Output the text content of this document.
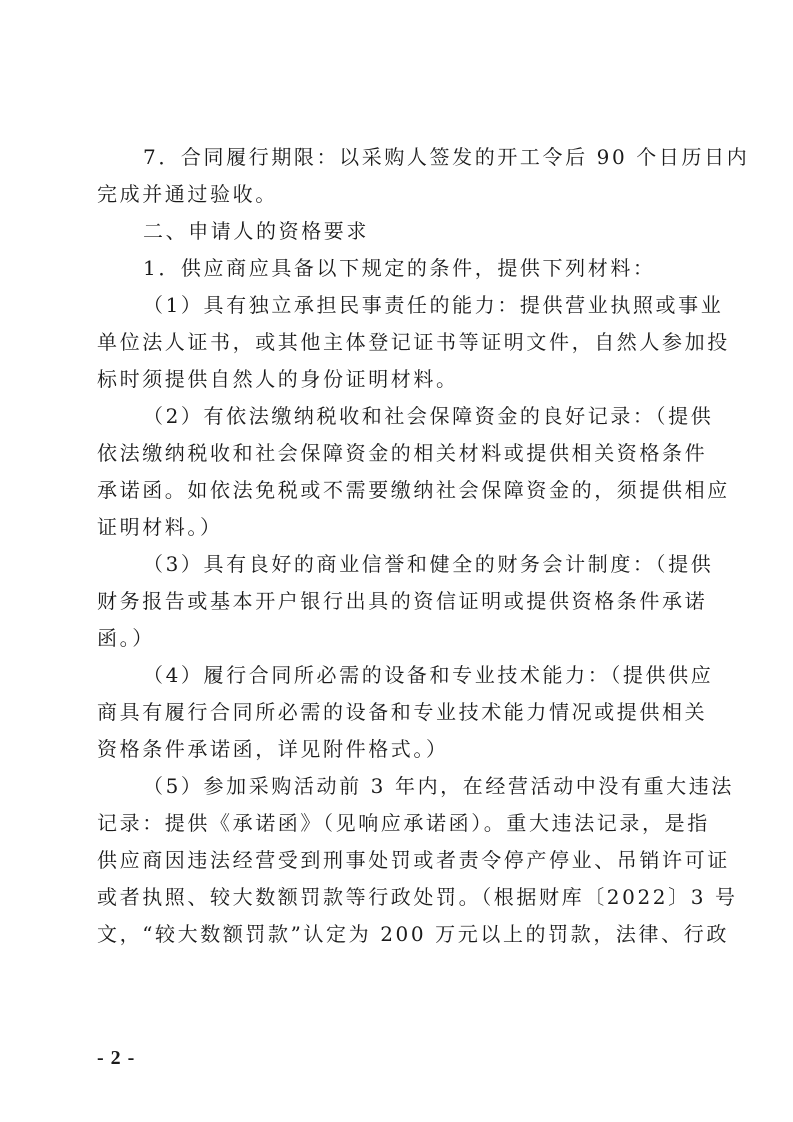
7．合同履行期限：以采购人签发的开工令后 90 个日历日内
完成并通过验收。
二、申请人的资格要求
1．供应商应具备以下规定的条件，提供下列材料：
（1）具有独立承担民事责任的能力：提供营业执照或事业
单位法人证书，或其他主体登记证书等证明文件，自然人参加投
标时须提供自然人的身份证明材料。
（2）有依法缴纳税收和社会保障资金的良好记录：（提供
依法缴纳税收和社会保障资金的相关材料或提供相关资格条件
承诺函。如依法免税或不需要缴纳社会保障资金的，须提供相应
证明材料。）
（3）具有良好的商业信誉和健全的财务会计制度：（提供
财务报告或基本开户银行出具的资信证明或提供资格条件承诺
函。）
（4）履行合同所必需的设备和专业技术能力：（提供供应
商具有履行合同所必需的设备和专业技术能力情况或提供相关
资格条件承诺函，详见附件格式。）
（5）参加采购活动前 3 年内，在经营活动中没有重大违法
记录：提供《承诺函》（见响应承诺函）。重大违法记录，是指
供应商因违法经营受到刑事处罚或者责令停产停业、吊销许可证
或者执照、较大数额罚款等行政处罚。（根据财库〔2022〕3 号
文，“较大数额罚款”认定为 200 万元以上的罚款，法律、行政
- 2 -
